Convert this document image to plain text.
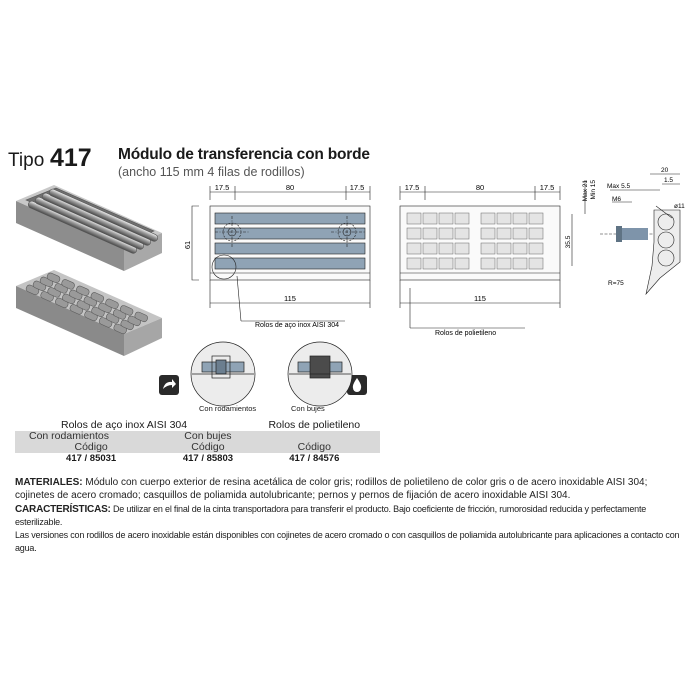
Tipo 417 Módulo de transferencia con borde
(ancho 115 mm 4 filas de rodillos)
17.5	80	17.5
61
115
Rolos de aço inox AISI 304
17.5	80	17.5
115
Rolos de polietileno
Max 21 Min 15 Max 5.5
M6
20
1.5
ø11
35.5
R=75
Con rodamientos	Con bujes
Rolos de aço inox AISI 304		Rolos de polietileno
Con rodamientos	Con bujes	
Código	Código	Código
417 / 85031	417 / 85803	417 / 84576
MATERIALES: Módulo con cuerpo exterior de resina acetálica de color gris; rodillos de polietileno de color gris o de acero inoxidable AISI 304; cojinetes de acero cromado; casquillos de poliamida autolubricante; pernos y pernos de fijación de acero inoxidable AISI 304.
CARACTERÍSTICAS: De utilizar en el final de la cinta transportadora para transferir el producto. Bajo coeficiente de fricción, rumorosidad reducida y perfectamente esterilizable.
Las versiones con rodillos de acero inoxidable están disponibles con cojinetes de acero cromado o con casquillos de poliamida autolubricante para aplicaciones a contacto con agua.
